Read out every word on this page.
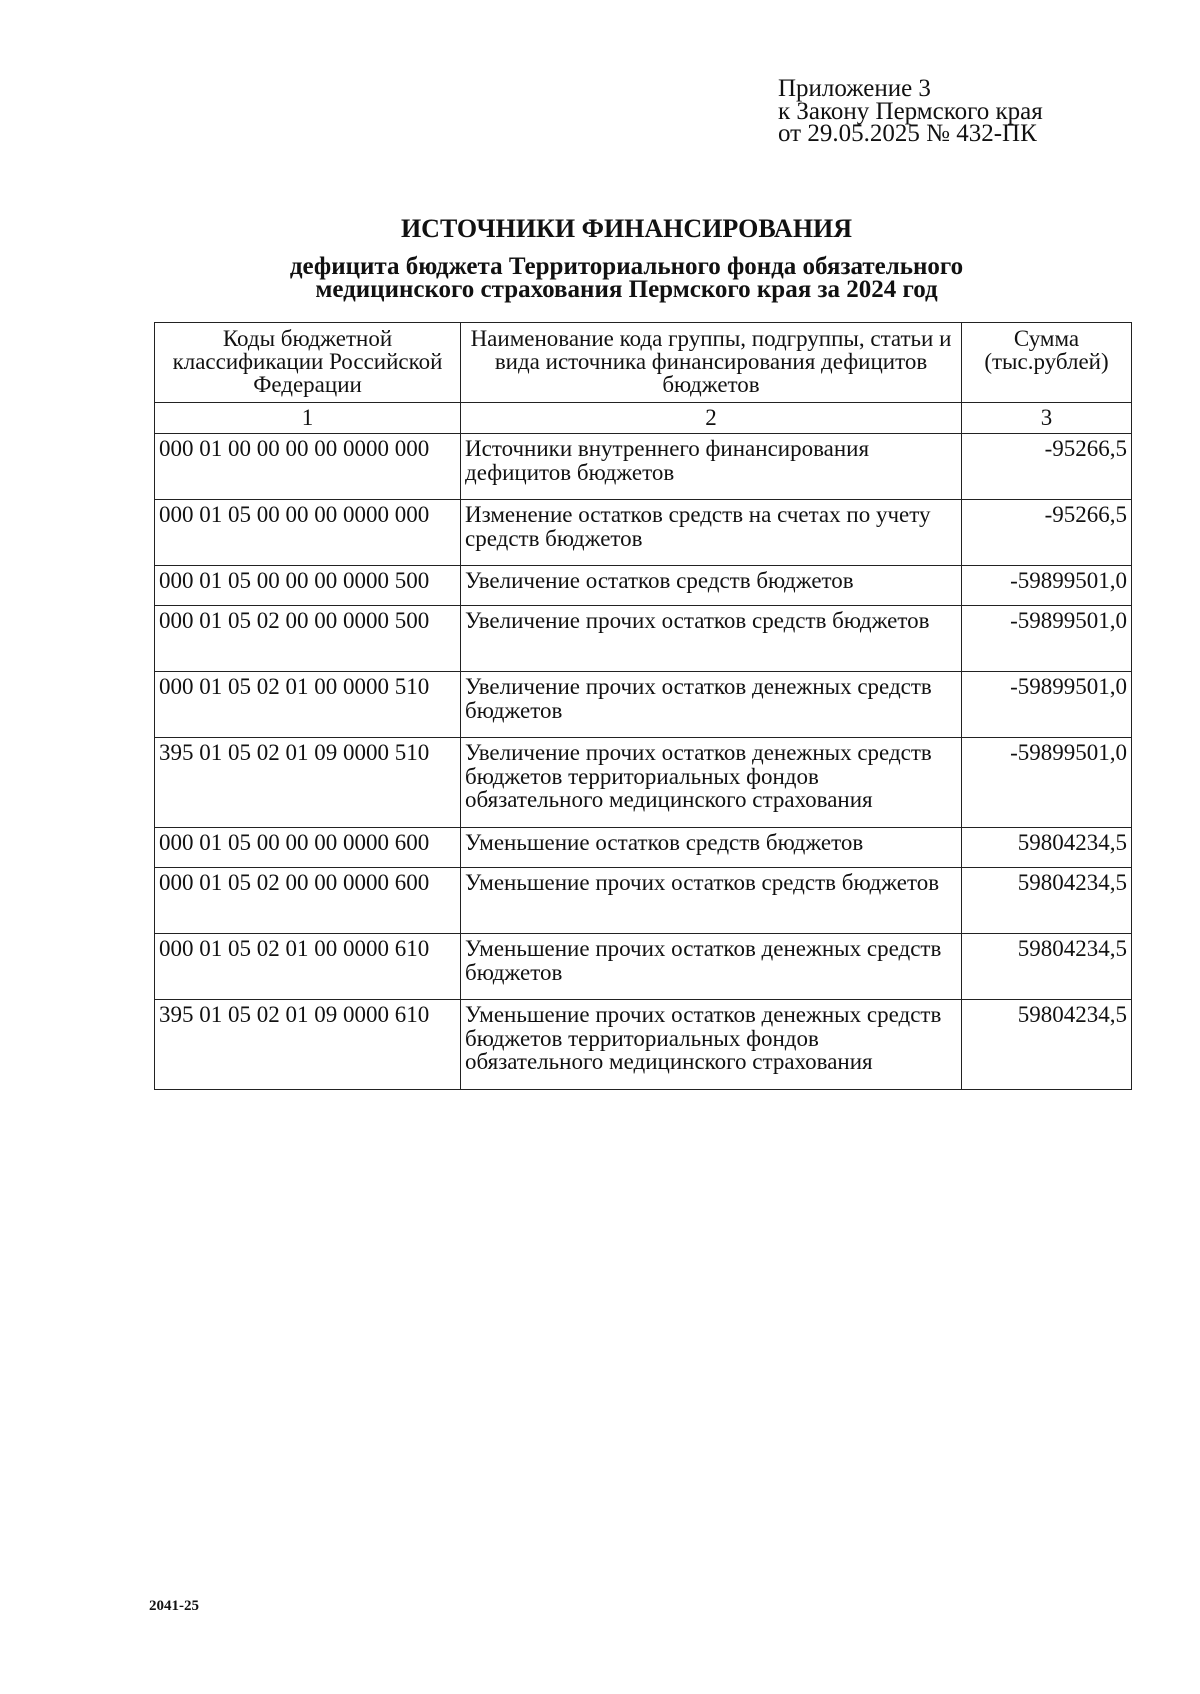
Приложение 3
к Закону Пермского края
от 29.05.2025 № 432-ПК
ИСТОЧНИКИ ФИНАНСИРОВАНИЯ
дефицита бюджета Территориального фонда обязательного
медицинского страхования Пермского края за 2024 год
Коды бюджетной классификации Российской Федерации	Наименование кода группы, подгруппы, статьи и вида источника финансирования дефицитов бюджетов	Сумма (тыс.рублей)
1	2	3
000 01 00 00 00 00 0000 000	Источники внутреннего финансирования дефицитов бюджетов	-95266,5
000 01 05 00 00 00 0000 000	Изменение остатков средств на счетах по учету средств бюджетов	-95266,5
000 01 05 00 00 00 0000 500	Увеличение остатков средств бюджетов	-59899501,0
000 01 05 02 00 00 0000 500	Увеличение прочих остатков средств бюджетов	-59899501,0
000 01 05 02 01 00 0000 510	Увеличение прочих остатков денежных средств бюджетов	-59899501,0
395 01 05 02 01 09 0000 510	Увеличение прочих остатков денежных средств бюджетов территориальных фондов обязательного медицинского страхования	-59899501,0
000 01 05 00 00 00 0000 600	Уменьшение остатков средств бюджетов	59804234,5
000 01 05 02 00 00 0000 600	Уменьшение прочих остатков средств бюджетов	59804234,5
000 01 05 02 01 00 0000 610	Уменьшение прочих остатков денежных средств бюджетов	59804234,5
395 01 05 02 01 09 0000 610	Уменьшение прочих остатков денежных средств бюджетов территориальных фондов обязательного медицинского страхования	59804234,5
2041-25
